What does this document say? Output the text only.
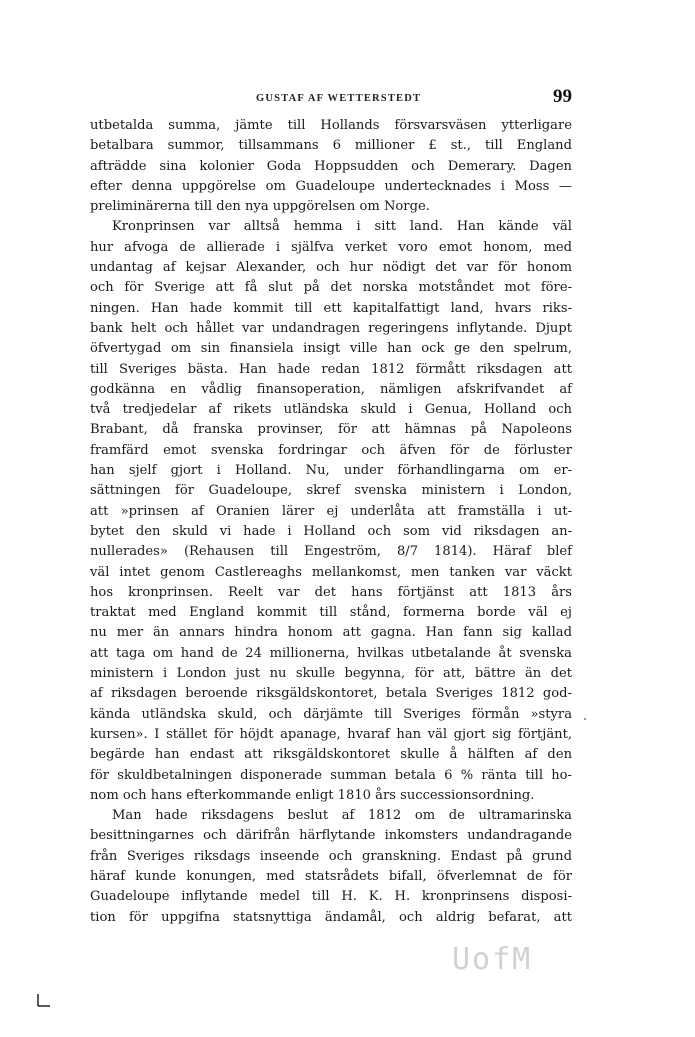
GUSTAF AF WETTERSTEDT	99
utbetalda summa, jämte till Hollands försvarsväsen ytterligare
betalbara summor, tillsammans 6 millioner £ st., till England
afträdde sina kolonier Goda Hoppsudden och Demerary. Dagen
efter denna uppgörelse om Guadeloupe undertecknades i Moss —
preliminärerna till den nya uppgörelsen om Norge.
Kronprinsen var alltså hemma i sitt land. Han kände väl
hur afvoga de allierade i själfva verket voro emot honom, med
undantag af kejsar Alexander, och hur nödigt det var för honom
och för Sverige att få slut på det norska motståndet mot före-
ningen. Han hade kommit till ett kapitalfattigt land, hvars riks-
bank helt och hållet var undandragen regeringens inflytande. Djupt
öfvertygad om sin finansiela insigt ville han ock ge den spelrum,
till Sveriges bästa. Han hade redan 1812 förmått riksdagen att
godkänna en vådlig finansoperation, nämligen afskrifvandet af
två tredjedelar af rikets utländska skuld i Genua, Holland och
Brabant, då franska provinser, för att hämnas på Napoleons
framfärd emot svenska fordringar och äfven för de förluster
han sjelf gjort i Holland. Nu, under förhandlingarna om er-
sättningen för Guadeloupe, skref svenska ministern i London,
att »prinsen af Oranien lärer ej underlåta att framställa i ut-
bytet den skuld vi hade i Holland och som vid riksdagen an-
nullerades» (Rehausen till Engeström, 8/7 1814). Häraf blef
väl intet genom Castlereaghs mellankomst, men tanken var väckt
hos kronprinsen. Reelt var det hans förtjänst att 1813 års
traktat med England kommit till stånd, formerna borde väl ej
nu mer än annars hindra honom att gagna. Han fann sig kallad
att taga om hand de 24 millionerna, hvilkas utbetalande åt svenska
ministern i London just nu skulle begynna, för att, bättre än det
af riksdagen beroende riksgäldskontoret, betala Sveriges 1812 god-
kända utländska skuld, och därjämte till Sveriges förmån »styra
kursen». I stället för höjdt apanage, hvaraf han väl gjort sig förtjänt,
begärde han endast att riksgäldskontoret skulle å hälften af den
för skuldbetalningen disponerade summan betala 6 % ränta till ho-
nom och hans efterkommande enligt 1810 års successionsordning.
Man hade riksdagens beslut af 1812 om de ultramarinska
besittningarnes och därifrån härflytande inkomsters undandragande
från Sveriges riksdags inseende och granskning. Endast på grund
häraf kunde konungen, med statsrådets bifall, öfverlemnat de för
Guadeloupe inflytande medel till H. K. H. kronprinsens disposi-
tion för uppgifna statsnyttiga ändamål, och aldrig befarat, att
UofM
